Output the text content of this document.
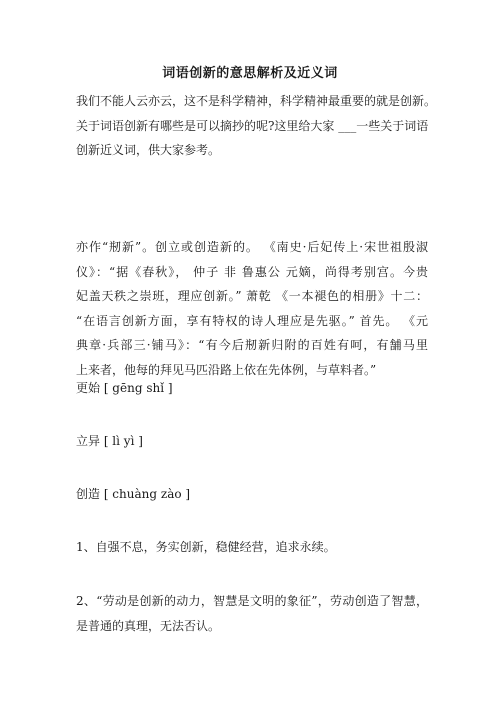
词语创新的意思解析及近义词
我们不能人云亦云，这不是科学精神，科学精神最重要的就是创新。
关于词语创新有哪些是可以摘抄的呢?这里给大家 ___一些关于词语
创新近义词，供大家参考。
亦作“剏新”。创立或创造新的。 《南史·后妃传上·宋世祖殷淑
仪》：“据《春秋》， 仲子 非 鲁惠公 元嫡，尚得考别宫。今贵
妃盖天秩之崇班，理应创新。” 萧乾 《一本褪色的相册》十二：
“在语言创新方面，享有特权的诗人理应是先驱。” 首先。 《元
典章·兵部三·铺马》：“有今后剏新归附的百姓有呵，有舗马里
上来者，他每的拜见马匹沿路上依在先体例，与草料者。”
更始 [ gēng shǐ ]
立异 [ lì yì ]
创造 [ chuàng zào ]
1、自强不息，务实创新，稳健经营，追求永续。
2、“劳动是创新的动力，智慧是文明的象征”，劳动创造了智慧，
是普通的真理，无法否认。
